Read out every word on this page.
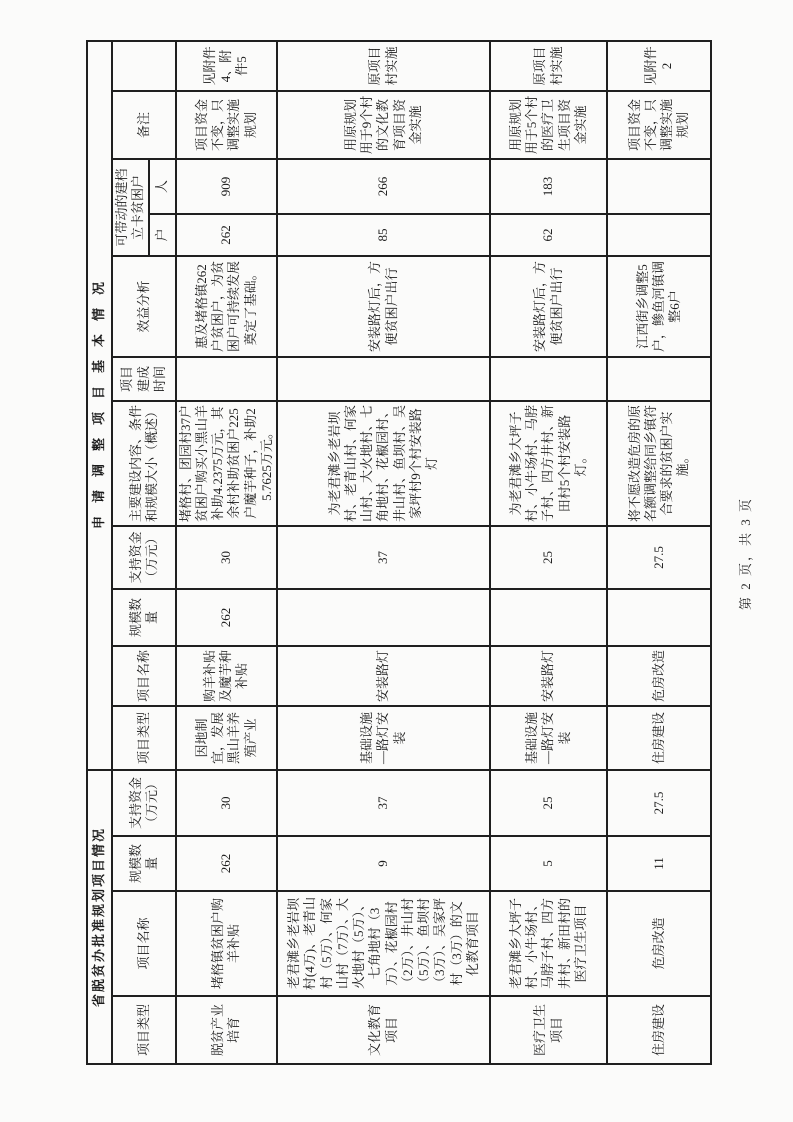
省脱贫办批准规划项目情况				申请调整项目基本情况										
项目类型	项目名称	规模数量	支持资金（万元）	项目类型	项目名称	规模数量	支持资金（万元）	主要建设内容、条件和规模大小（概述）	项目建成时间	效益分析	可带动的建档立卡贫困户		备注	
											户	人		
脱贫产业培育	堵格镇贫困户购羊补贴	262	30	因地制宜，发展黑山羊养殖产业	购羊补贴及魔芋种补贴	262	30	堵格村、团园村37户贫困户购买小黑山羊补助4.2375万元，其余村补助贫困户225户魔芋种子，补助25.7625万元。		惠及堵格镇262户贫困户，为贫困户可持续发展奠定了基础。	262	909	项目资金不变，只调整实施规划	见附件4、附件5
文化教育项目	老君滩乡老岩坝村(4万)、老青山村（5万）、何家山村（7万）、大火地村（5万）、七角地村（3万）、花椒园村（2万）、井山村（5万）、鱼坝村（3万）、吴家坪村（3万）的文化教育项目	9	37	基础设施—路灯安装	安装路灯		37	为老君滩乡老岩坝村、老青山村、何家山村、大火地村、七角地村、花椒园村、井山村、鱼坝村、吴家坪村9个村安装路灯		安装路灯后，方便贫困户出行	85	266	用原规划用于9个村的文化教育项目资金实施	原项目村实施
医疗卫生项目	老君滩乡大坪子村、小牛场村、马脖子村、四方井村、新田村的医疗卫生项目	5	25	基础设施—路灯安装	安装路灯		25	为老君滩乡大坪子村、小牛场村、马脖子村、四方井村、新田村5个村安装路灯。		安装路灯后，方便贫困户出行	62	183	用原规划用于5个村的医疗卫生项目资金实施	原项目村实施
住房建设	危房改造	11	27.5	住房建设	危房改造		27.5	将不愿改造危房的原名额调整给同乡镇符合要求的贫困户实施。		江西街乡调整5户，鲹鱼河镇调整6户			项目资金不变，只调整实施规划	见附件2
第 2 页，共 3 页
